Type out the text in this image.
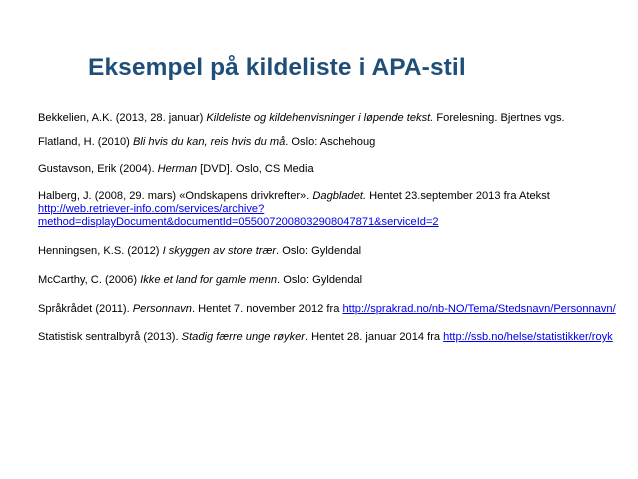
Eksempel på kildeliste i APA-stil

Bekkelien, A.K. (2013, 28. januar) Kildeliste og kildehenvisninger i løpende tekst. Forelesning. Bjertnes vgs.

Flatland, H. (2010) Bli hvis du kan, reis hvis du må. Oslo: Aschehoug

Gustavson, Erik (2004). Herman [DVD]. Oslo, CS Media

Halberg, J. (2008, 29. mars) «Ondskapens drivkrefter». Dagbladet. Hentet 23.september 2013 fra Atekst http://web.retriever-info.com/services/archive?method=displayDocument&documentId=0550072008032908047871&serviceId=2

Henningsen, K.S. (2012) I skyggen av store trær. Oslo: Gyldendal

McCarthy, C. (2006) Ikke et land for gamle menn. Oslo: Gyldendal

Språkrådet (2011). Personnavn. Hentet 7. november 2012 fra http://sprakrad.no/nb-NO/Tema/Stedsnavn/Personnavn/

Statistisk sentralbyrå (2013). Stadig færre unge røyker. Hentet 28. januar 2014 fra http://ssb.no/helse/statistikker/royk
